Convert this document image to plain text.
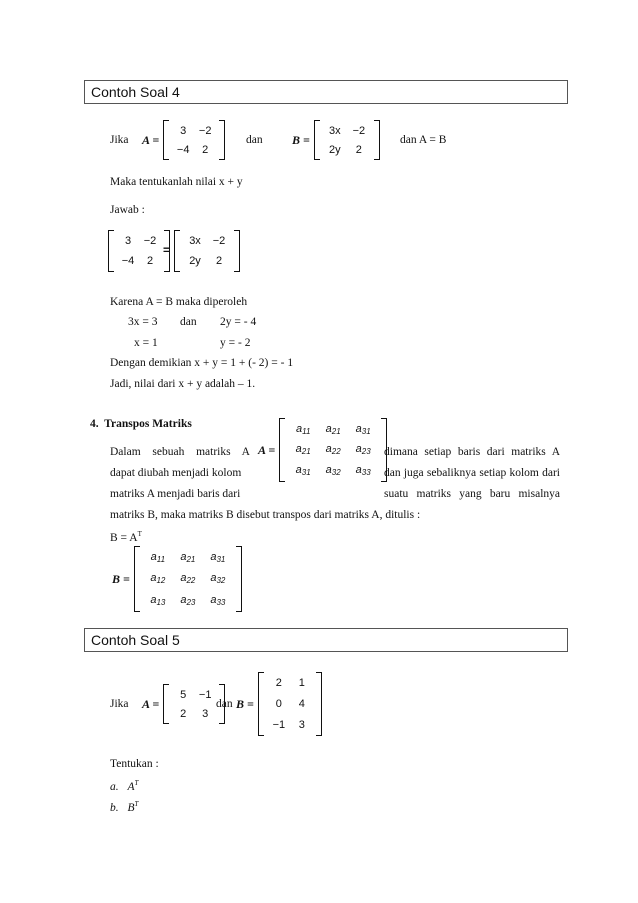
Contoh Soal 4
Jika A =
3	−2
−4	2
dan B =
3x	−2
2y	2
dan A = B
Maka tentukanlah nilai x + y
Jawab :
3	−2
−4	2
=
3x	−2
2y	2
Karena A = B maka diperoleh
3x = 3 dan 2y = - 4
x = 1	y = - 2
Dengan demikian x + y = 1 + (- 2) = - 1
Jadi, nilai dari x + y adalah – 1.
4.  Transpos Matriks
A =
$a_{11}$	$a_{21}$	$a_{31}$
$a_{21}$	$a_{22}$	$a_{23}$
$a_{31}$	$a_{32}$	$a_{33}$
Dalam sebuah matriks A	dimana setiap baris dari matriks A
dapat diubah menjadi kolom	dan juga sebaliknya setiap kolom dari
matriks A menjadi baris dari	suatu matriks yang baru misalnya
matriks B, maka matriks B disebut transpos dari matriks A, ditulis :
$B = A^T$
B =
$a_{11}$	$a_{21}$	$a_{31}$
$a_{12}$	$a_{22}$	$a_{32}$
$a_{13}$	$a_{23}$	$a_{33}$
Contoh Soal 5
Jika A =
5	−1
2	3
dan B =
2	1
0	4
−1	3
Tentukan :
a. $A^T$
b. $B^T$
